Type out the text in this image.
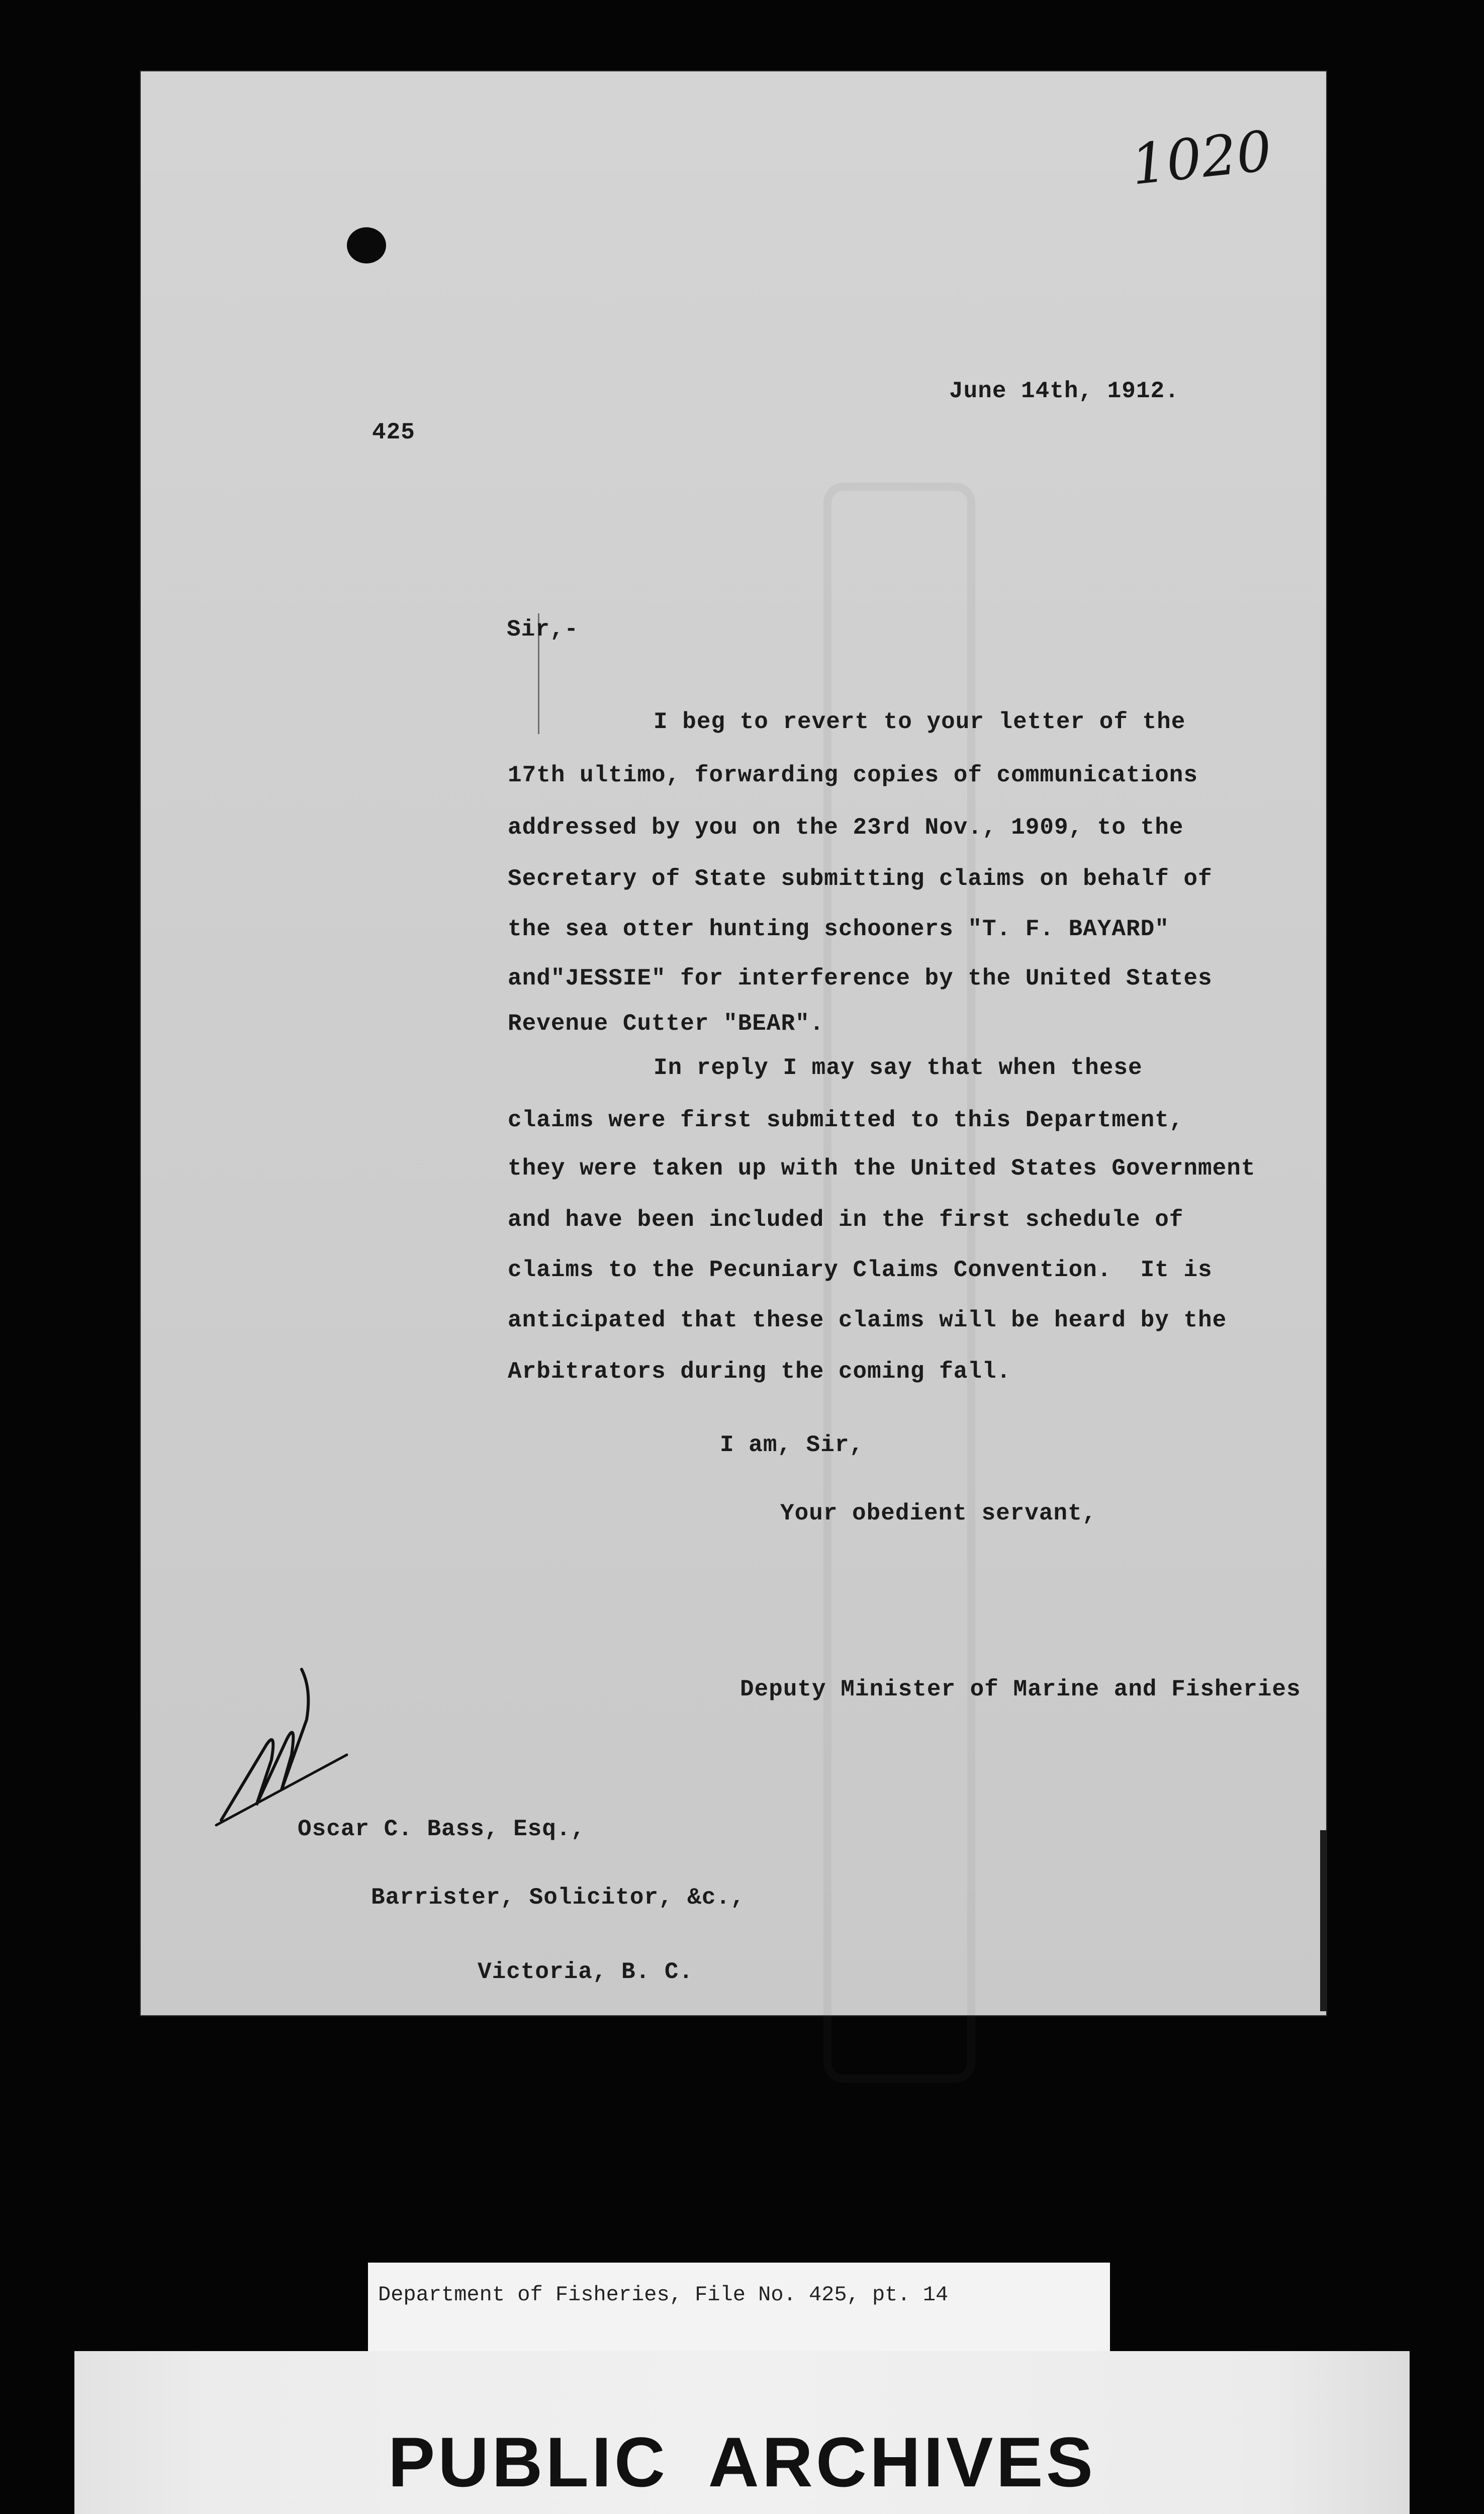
1020
June 14th, 1912.
425
Sir,-
I beg to revert to your letter of the
17th ultimo, forwarding copies of communications
addressed by you on the 23rd Nov., 1909, to the
Secretary of State submitting claims on behalf of
the sea otter hunting schooners "T. F. BAYARD"
and"JESSIE" for interference by the United States
Revenue Cutter "BEAR".
In reply I may say that when these
claims were first submitted to this Department,
they were taken up with the United States Government
and have been included in the first schedule of
claims to the Pecuniary Claims Convention.  It is
anticipated that these claims will be heard by the
Arbitrators during the coming fall.
I am, Sir,
Your obedient servant,
Deputy Minister of Marine and Fisheries
Oscar C. Bass, Esq.,
Barrister, Solicitor, &c.,
Victoria, B. C.
Department of Fisheries, File No. 425, pt. 14
PUBLIC ARCHIVES
